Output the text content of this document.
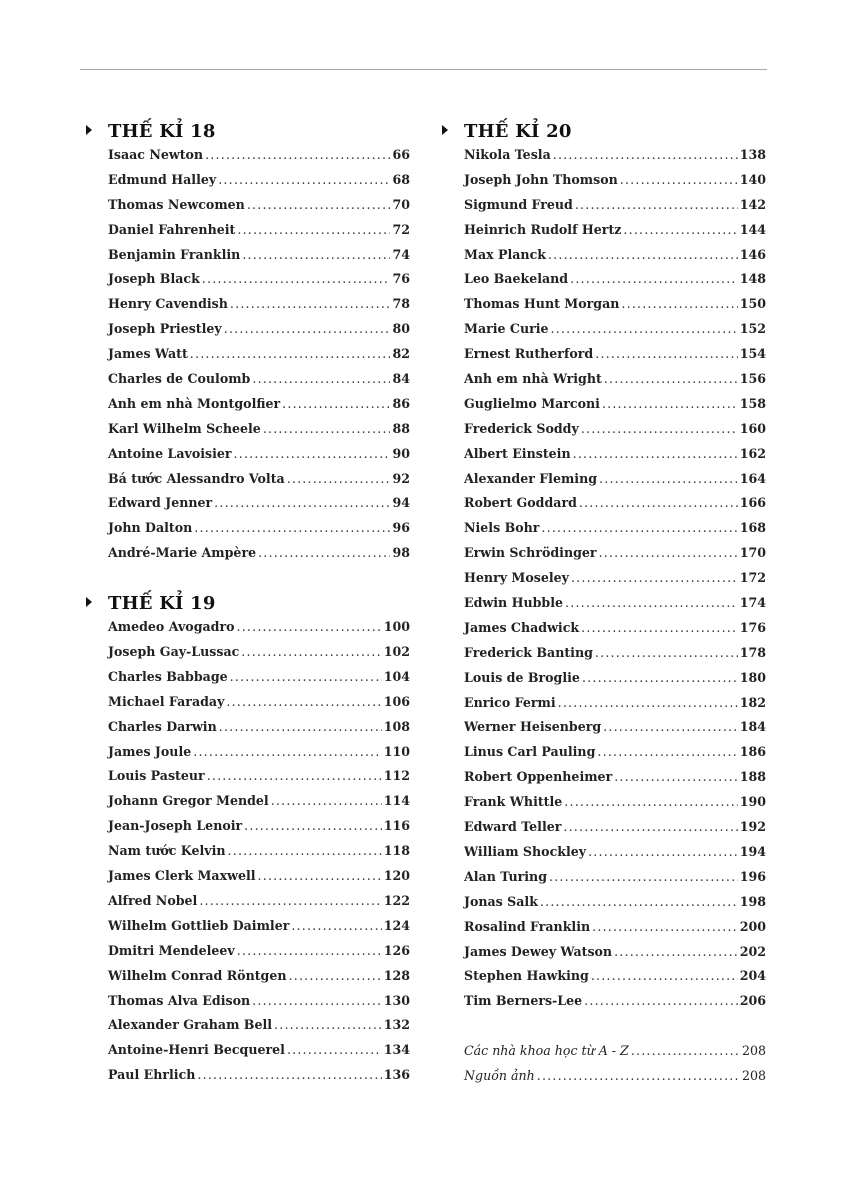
THẾ KỈ 18
Isaac Newton .....	66
Edmund Halley .....	68
Thomas Newcomen .....	70
Daniel Fahrenheit .....	72
Benjamin Franklin .....	74
Joseph Black .....	76
Henry Cavendish .....	78
Joseph Priestley .....	80
James Watt .....	82
Charles de Coulomb .....	84
Anh em nhà Montgolfier .....	86
Karl Wilhelm Scheele .....	88
Antoine Lavoisier .....	90
Bá tước Alessandro Volta .....	92
Edward Jenner .....	94
John Dalton .....	96
André-Marie Ampère .....	98
THẾ KỈ 19
Amedeo Avogadro .....	100
Joseph Gay-Lussac .....	102
Charles Babbage .....	104
Michael Faraday .....	106
Charles Darwin .....	108
James Joule .....	110
Louis Pasteur .....	112
Johann Gregor Mendel .....	114
Jean-Joseph Lenoir .....	116
Nam tước Kelvin .....	118
James Clerk Maxwell .....	120
Alfred Nobel .....	122
Wilhelm Gottlieb Daimler .....	124
Dmitri Mendeleev .....	126
Wilhelm Conrad Röntgen .....	128
Thomas Alva Edison .....	130
Alexander Graham Bell .....	132
Antoine-Henri Becquerel .....	134
Paul Ehrlich .....	136
THẾ KỈ 20
Nikola Tesla .....	138
Joseph John Thomson .....	140
Sigmund Freud .....	142
Heinrich Rudolf Hertz .....	144
Max Planck .....	146
Leo Baekeland .....	148
Thomas Hunt Morgan .....	150
Marie Curie .....	152
Ernest Rutherford .....	154
Anh em nhà Wright .....	156
Guglielmo Marconi .....	158
Frederick Soddy .....	160
Albert Einstein .....	162
Alexander Fleming .....	164
Robert Goddard .....	166
Niels Bohr .....	168
Erwin Schrödinger .....	170
Henry Moseley .....	172
Edwin Hubble .....	174
James Chadwick .....	176
Frederick Banting .....	178
Louis de Broglie .....	180
Enrico Fermi .....	182
Werner Heisenberg .....	184
Linus Carl Pauling .....	186
Robert Oppenheimer .....	188
Frank Whittle .....	190
Edward Teller .....	192
William Shockley .....	194
Alan Turing .....	196
Jonas Salk .....	198
Rosalind Franklin .....	200
James Dewey Watson .....	202
Stephen Hawking .....	204
Tim Berners-Lee .....	206
Các nhà khoa học từ A - Z .....	208
Nguồn ảnh .....	208
